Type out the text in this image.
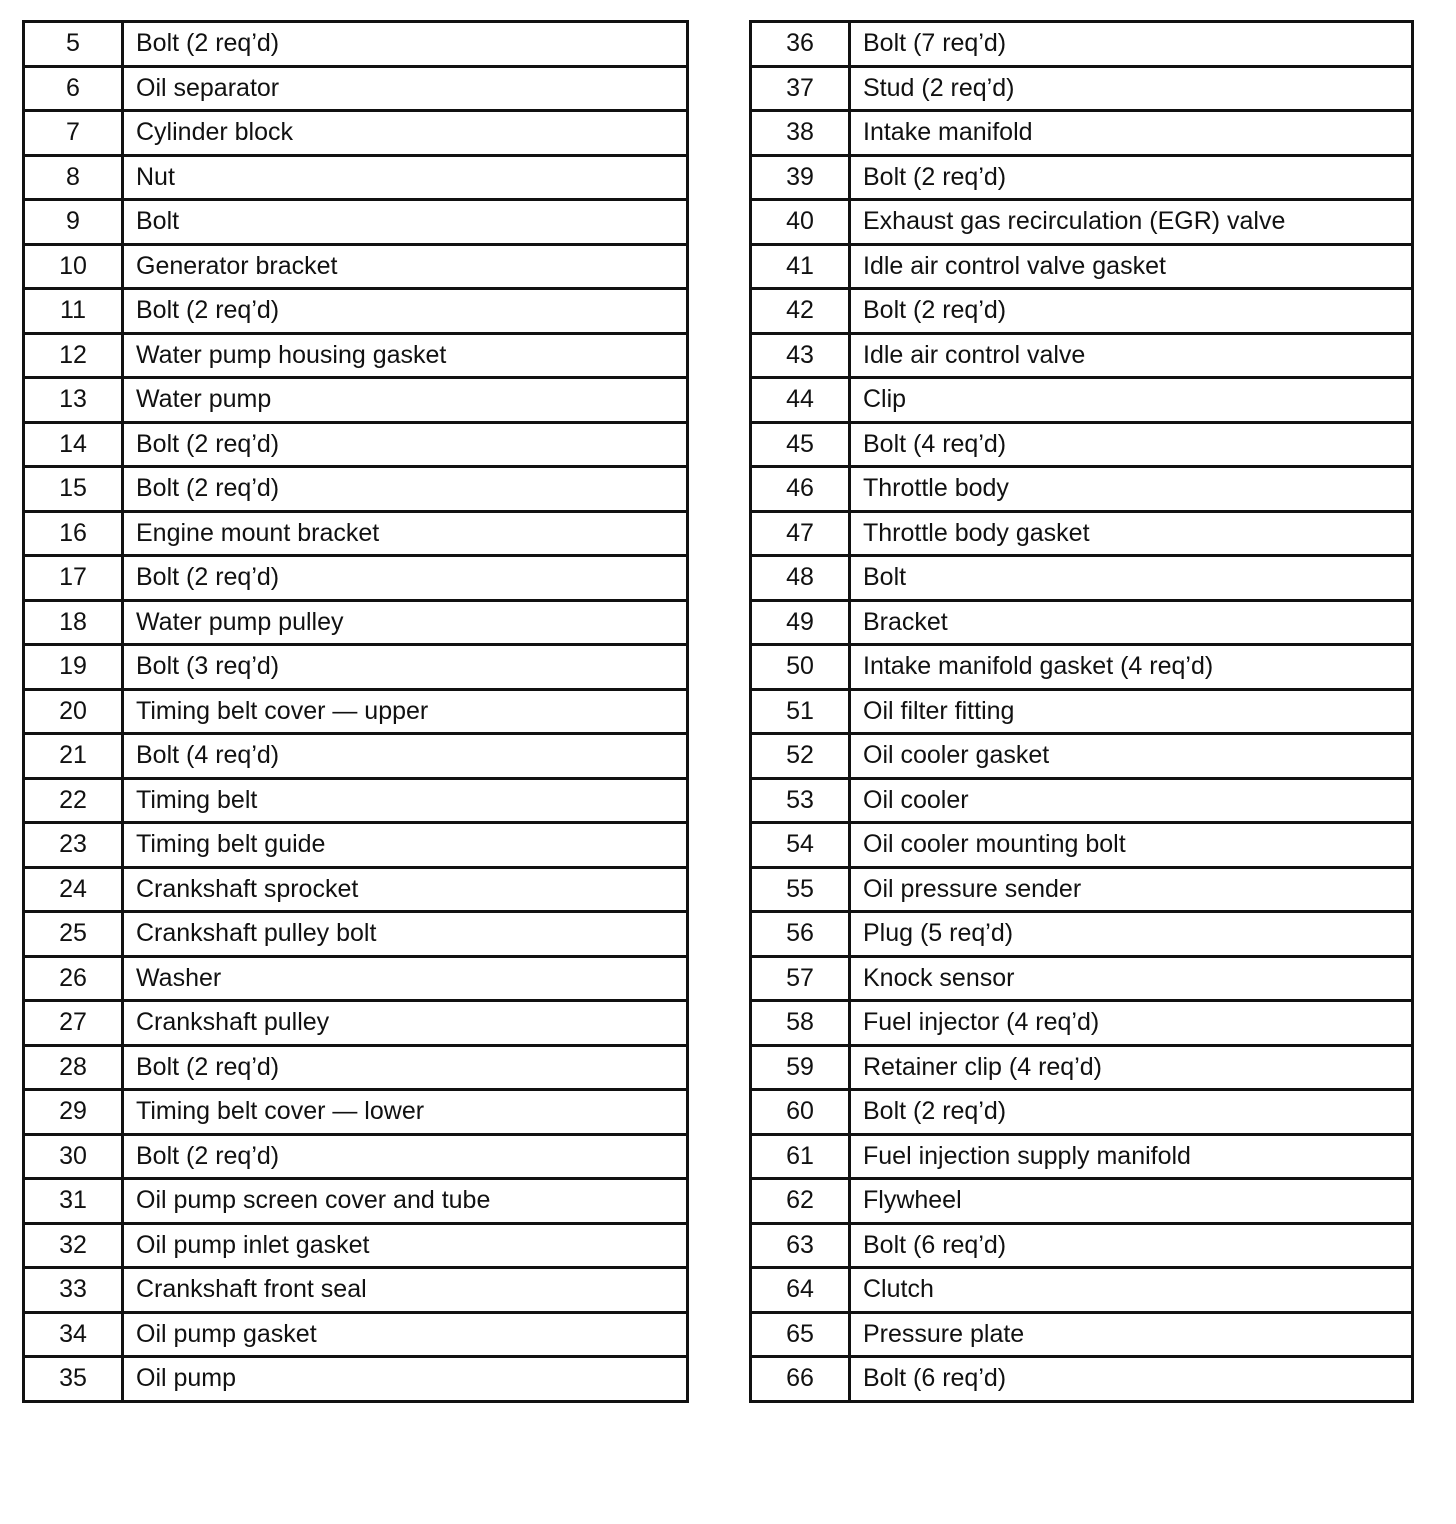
5	Bolt (2 req’d)
6	Oil separator
7	Cylinder block
8	Nut
9	Bolt
10	Generator bracket
11	Bolt (2 req’d)
12	Water pump housing gasket
13	Water pump
14	Bolt (2 req’d)
15	Bolt (2 req’d)
16	Engine mount bracket
17	Bolt (2 req’d)
18	Water pump pulley
19	Bolt (3 req’d)
20	Timing belt cover — upper
21	Bolt (4 req’d)
22	Timing belt
23	Timing belt guide
24	Crankshaft sprocket
25	Crankshaft pulley bolt
26	Washer
27	Crankshaft pulley
28	Bolt (2 req’d)
29	Timing belt cover — lower
30	Bolt (2 req’d)
31	Oil pump screen cover and tube
32	Oil pump inlet gasket
33	Crankshaft front seal
34	Oil pump gasket
35	Oil pump
36	Bolt (7 req’d)
37	Stud (2 req’d)
38	Intake manifold
39	Bolt (2 req’d)
40	Exhaust gas recirculation (EGR) valve
41	Idle air control valve gasket
42	Bolt (2 req’d)
43	Idle air control valve
44	Clip
45	Bolt (4 req’d)
46	Throttle body
47	Throttle body gasket
48	Bolt
49	Bracket
50	Intake manifold gasket (4 req’d)
51	Oil filter fitting
52	Oil cooler gasket
53	Oil cooler
54	Oil cooler mounting bolt
55	Oil pressure sender
56	Plug (5 req’d)
57	Knock sensor
58	Fuel injector (4 req’d)
59	Retainer clip (4 req’d)
60	Bolt (2 req’d)
61	Fuel injection supply manifold
62	Flywheel
63	Bolt (6 req’d)
64	Clutch
65	Pressure plate
66	Bolt (6 req’d)
